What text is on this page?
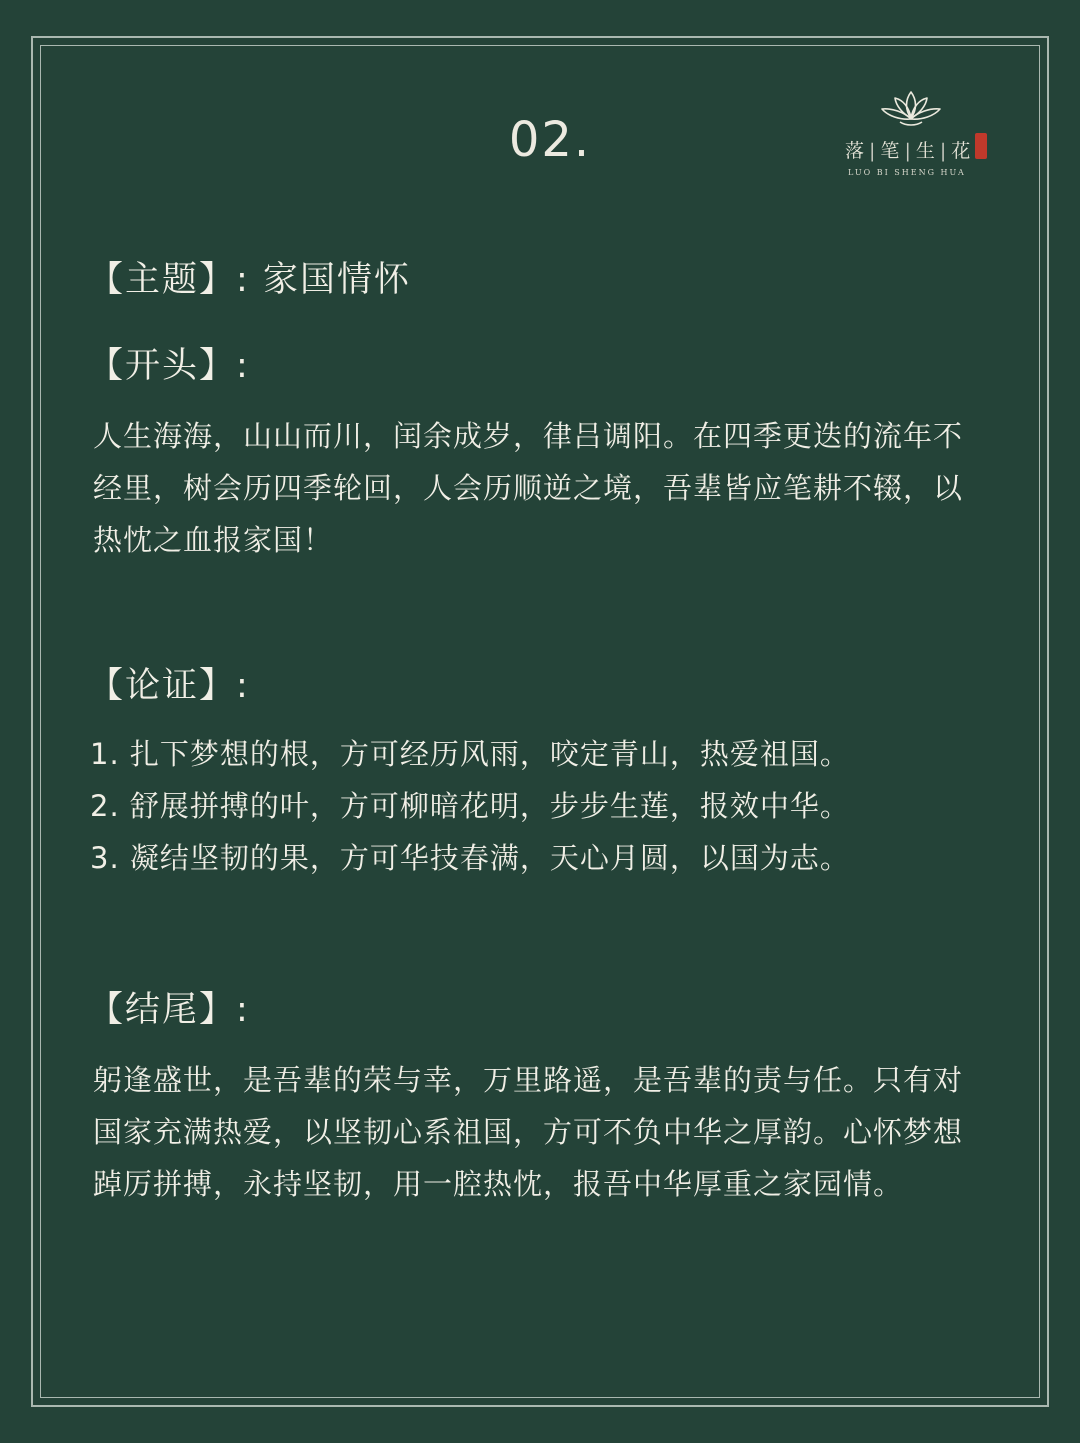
02.	落 | 笔 | 生 | 花
LUO BI SHENG HUA
【主题】: 家国情怀
【开头】:

人生海海，山山而川，闰余成岁，律吕调阳。在四季更迭的流年不经里，树会历四季轮回，人会历顺逆之境，吾辈皆应笔耕不辍，以热忱之血报家国！

【论证】:
1. 扎下梦想的根，方可经历风雨，咬定青山，热爱祖国。
2. 舒展拼搏的叶，方可柳暗花明，步步生莲，报效中华。
3. 凝结坚韧的果，方可华技春满，天心月圆，以国为志。
【结尾】:

躬逢盛世，是吾辈的荣与幸，万里路遥，是吾辈的责与任。只有对国家充满热爱，以坚韧心系祖国，方可不负中华之厚韵。心怀梦想踔厉拼搏，永持坚韧，用一腔热忱，报吾中华厚重之家园情。
